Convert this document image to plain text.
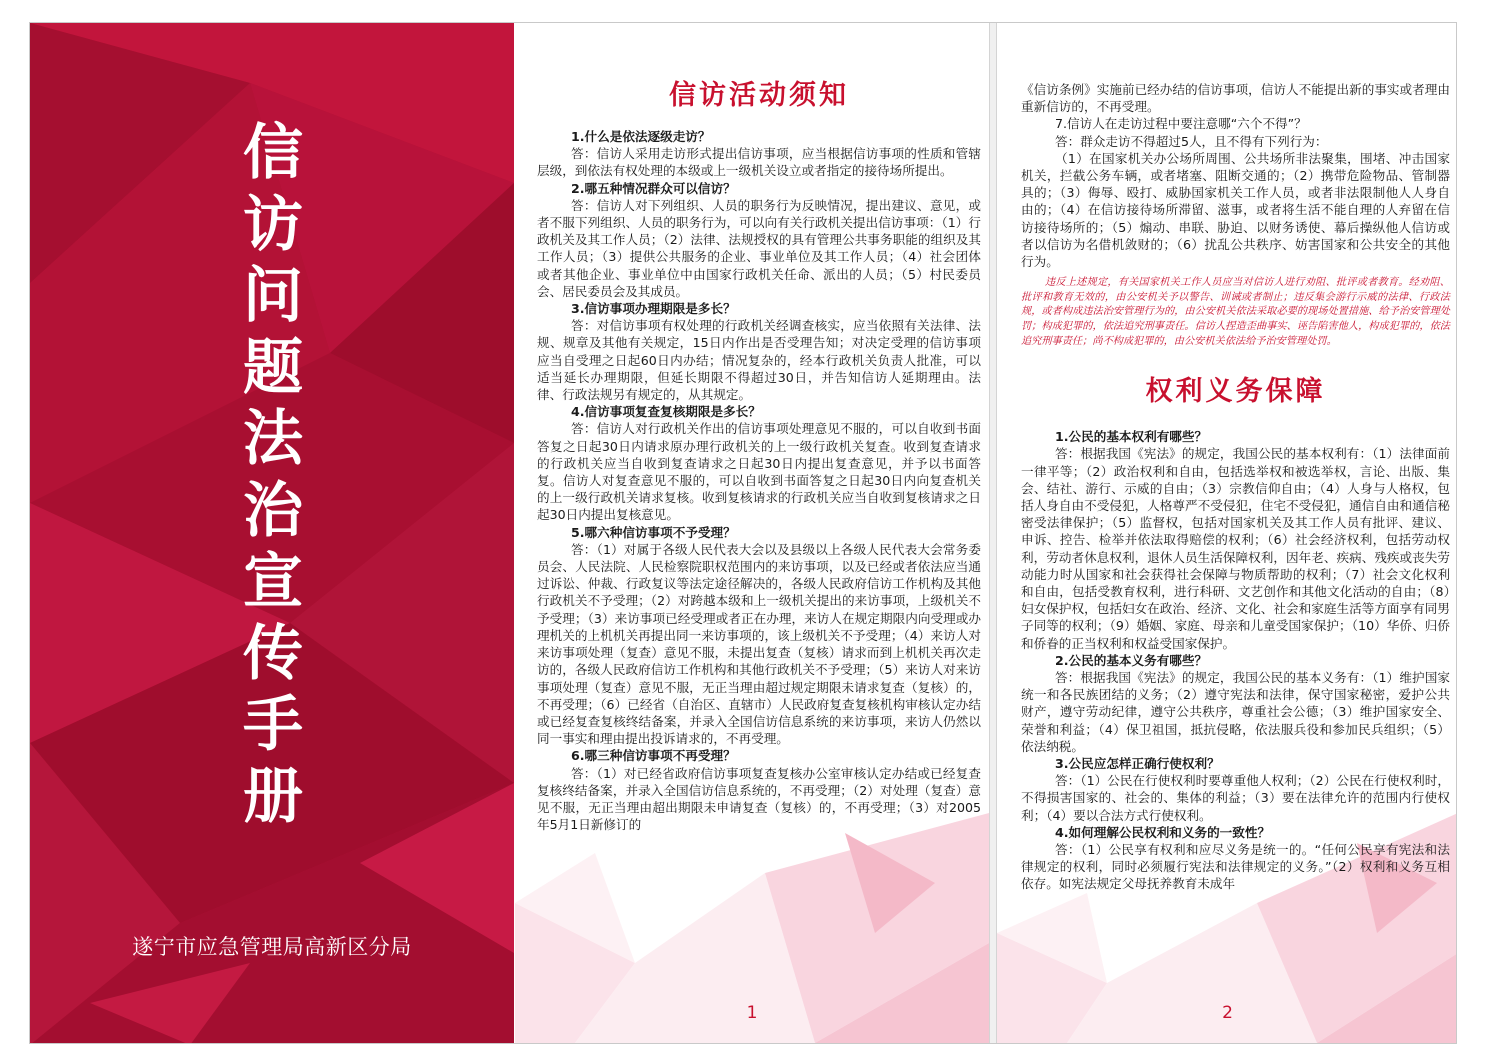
信
访
问
题
法
治
宣
传
手
册
遂宁市应急管理局高新区分局
信访活动须知

1.什么是依法逐级走访？

答：信访人采用走访形式提出信访事项，应当根据信访事项的性质和管辖层级，到依法有权处理的本级或上一级机关设立或者指定的接待场所提出。

2.哪五种情况群众可以信访？

答：信访人对下列组织、人员的职务行为反映情况，提出建议、意见，或者不服下列组织、人员的职务行为，可以向有关行政机关提出信访事项：（1）行政机关及其工作人员；（2）法律、法规授权的具有管理公共事务职能的组织及其工作人员；（3）提供公共服务的企业、事业单位及其工作人员；（4）社会团体或者其他企业、事业单位中由国家行政机关任命、派出的人员；（5）村民委员会、居民委员会及其成员。

3.信访事项办理期限是多长？

答：对信访事项有权处理的行政机关经调查核实，应当依照有关法律、法规、规章及其他有关规定，15日内作出是否受理告知；对决定受理的信访事项应当自受理之日起60日内办结；情况复杂的，经本行政机关负责人批准，可以适当延长办理期限，但延长期限不得超过30日，并告知信访人延期理由。法律、行政法规另有规定的，从其规定。

4.信访事项复查复核期限是多长？

答：信访人对行政机关作出的信访事项处理意见不服的，可以自收到书面答复之日起30日内请求原办理行政机关的上一级行政机关复查。收到复查请求的行政机关应当自收到复查请求之日起30日内提出复查意见，并予以书面答复。信访人对复查意见不服的，可以自收到书面答复之日起30日内向复查机关的上一级行政机关请求复核。收到复核请求的行政机关应当自收到复核请求之日起30日内提出复核意见。

5.哪六种信访事项不予受理？

答：（1）对属于各级人民代表大会以及县级以上各级人民代表大会常务委员会、人民法院、人民检察院职权范围内的来访事项，以及已经或者依法应当通过诉讼、仲裁、行政复议等法定途径解决的，各级人民政府信访工作机构及其他行政机关不予受理；（2）对跨越本级和上一级机关提出的来访事项，上级机关不予受理；（3）来访事项已经受理或者正在办理，来访人在规定期限内向受理或办理机关的上机机关再提出同一来访事项的，该上级机关不予受理；（4）来访人对来访事项处理（复查）意见不服，未提出复查（复核）请求而到上机机关再次走访的，各级人民政府信访工作机构和其他行政机关不予受理；（5）来访人对来访事项处理（复查）意见不服，无正当理由超过规定期限未请求复查（复核）的，不再受理；（6）已经省（自治区、直辖市）人民政府复查复核机构审核认定办结或已经复查复核终结备案，并录入全国信访信息系统的来访事项，来访人仍然以同一事实和理由提出投诉请求的，不再受理。

6.哪三种信访事项不再受理？

答：（1）对已经省政府信访事项复查复核办公室审核认定办结或已经复查复核终结备案，并录入全国信访信息系统的，不再受理；（2）对处理（复查）意见不服，无正当理由超出期限未申请复查（复核）的，不再受理；（3）对2005年5月1日新修订的

1

《信访条例》实施前已经办结的信访事项，信访人不能提出新的事实或者理由重新信访的，不再受理。

7.信访人在走访过程中要注意哪“六个不得”？

答：群众走访不得超过5人，且不得有下列行为：

（1）在国家机关办公场所周围、公共场所非法聚集，围堵、冲击国家机关，拦截公务车辆，或者堵塞、阻断交通的；（2）携带危险物品、管制器具的；（3）侮辱、殴打、威胁国家机关工作人员，或者非法限制他人人身自由的；（4）在信访接待场所滞留、滋事，或者将生活不能自理的人弃留在信访接待场所的；（5）煽动、串联、胁迫、以财务诱使、幕后操纵他人信访或者以信访为名借机敛财的；（6）扰乱公共秩序、妨害国家和公共安全的其他行为。

违反上述规定，有关国家机关工作人员应当对信访人进行劝阻、批评或者教育。经劝阻、批评和教育无效的，由公安机关予以警告、训诫或者制止；违反集会游行示威的法律、行政法规，或者构成违法治安管理行为的，由公安机关依法采取必要的现场处置措施、给予治安管理处罚；构成犯罪的，依法追究刑事责任。信访人捏造歪曲事实、诬告陷害他人，构成犯罪的，依法追究刑事责任；尚不构成犯罪的，由公安机关依法给予治安管理处罚。

权利义务保障

1.公民的基本权利有哪些？

答：根据我国《宪法》的规定，我国公民的基本权利有：（1）法律面前一律平等；（2）政治权利和自由，包括选举权和被选举权，言论、出版、集会、结社、游行、示威的自由；（3）宗教信仰自由；（4）人身与人格权，包括人身自由不受侵犯，人格尊严不受侵犯，住宅不受侵犯，通信自由和通信秘密受法律保护；（5）监督权，包括对国家机关及其工作人员有批评、建议、申诉、控告、检举并依法取得赔偿的权利；（6）社会经济权利，包括劳动权利，劳动者休息权利，退休人员生活保障权利，因年老、疾病、残疾或丧失劳动能力时从国家和社会获得社会保障与物质帮助的权利；（7）社会文化权利和自由，包括受教育权利，进行科研、文艺创作和其他文化活动的自由；（8）妇女保护权，包括妇女在政治、经济、文化、社会和家庭生活等方面享有同男子同等的权利；（9）婚姻、家庭、母亲和儿童受国家保护；（10）华侨、归侨和侨眷的正当权利和权益受国家保护。

2.公民的基本义务有哪些？

答：根据我国《宪法》的规定，我国公民的基本义务有：（1）维护国家统一和各民族团结的义务；（2）遵守宪法和法律，保守国家秘密，爱护公共财产，遵守劳动纪律，遵守公共秩序，尊重社会公德；（3）维护国家安全、荣誉和利益；（4）保卫祖国，抵抗侵略，依法服兵役和参加民兵组织；（5）依法纳税。

3.公民应怎样正确行使权利？

答：（1）公民在行使权利时要尊重他人权利；（2）公民在行使权利时，不得损害国家的、社会的、集体的利益；（3）要在法律允许的范围内行使权利；（4）要以合法方式行使权利。

4.如何理解公民权利和义务的一致性？

答：（1）公民享有权利和应尽义务是统一的。“任何公民享有宪法和法律规定的权利，同时必须履行宪法和法律规定的义务。”（2）权利和义务互相依存。如宪法规定父母抚养教育未成年

2
